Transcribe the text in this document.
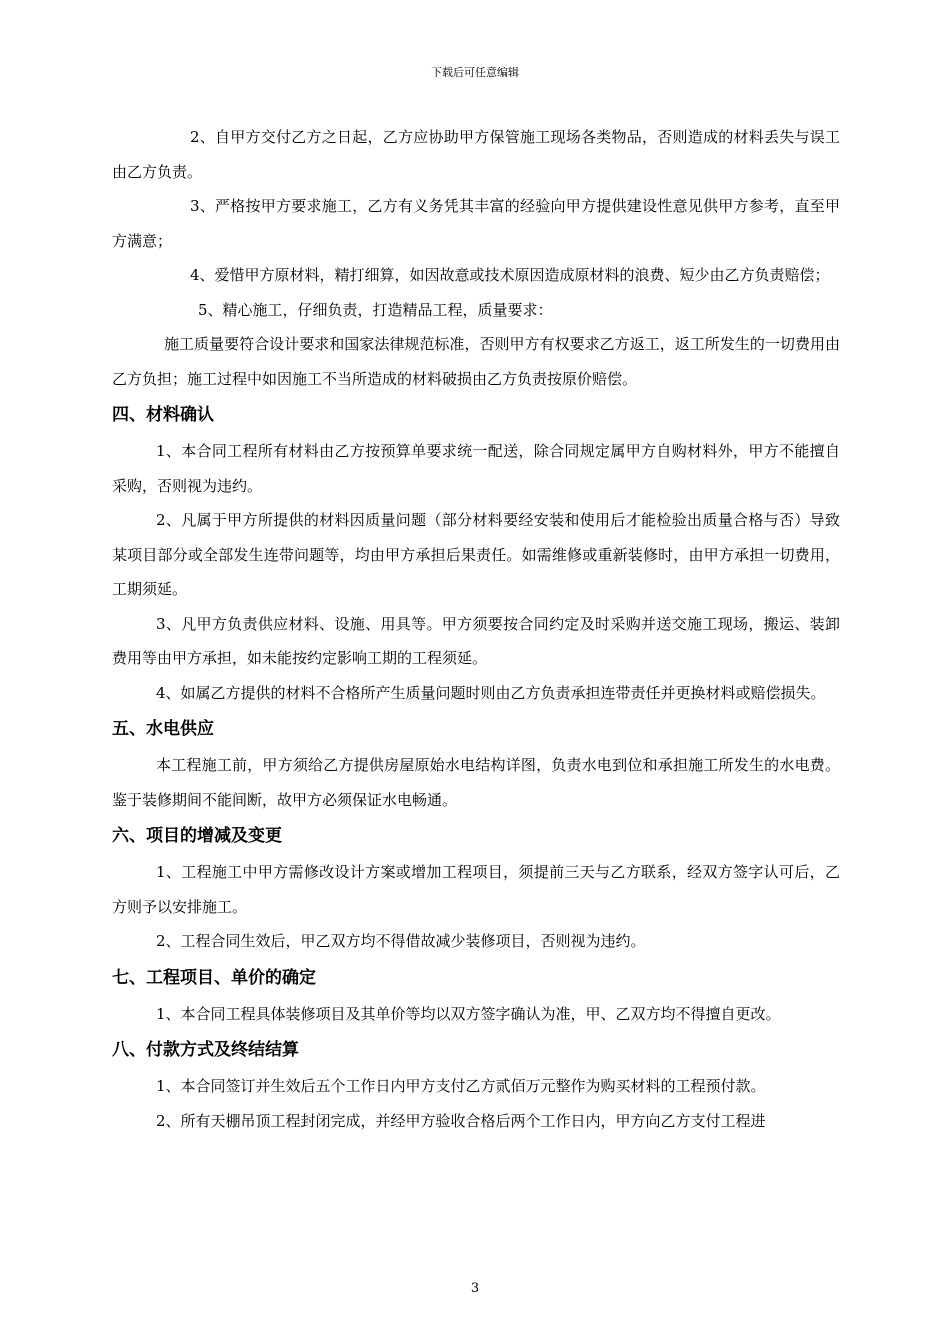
下载后可任意编辑

2、自甲方交付乙方之日起，乙方应协助甲方保管施工现场各类物品，否则造成的材料丢失与误工由乙方负责。

3、严格按甲方要求施工，乙方有义务凭其丰富的经验向甲方提供建设性意见供甲方参考，直至甲方满意；

4、爱惜甲方原材料，精打细算，如因故意或技术原因造成原材料的浪费、短少由乙方负责赔偿；

5、精心施工，仔细负责，打造精品工程，质量要求：

施工质量要符合设计要求和国家法律规范标准，否则甲方有权要求乙方返工，返工所发生的一切费用由乙方负担；施工过程中如因施工不当所造成的材料破损由乙方负责按原价赔偿。

四、材料确认

1、本合同工程所有材料由乙方按预算单要求统一配送，除合同规定属甲方自购材料外，甲方不能擅自采购，否则视为违约。

2、凡属于甲方所提供的材料因质量问题（部分材料要经安装和使用后才能检验出质量合格与否）导致某项目部分或全部发生连带问题等，均由甲方承担后果责任。如需维修或重新装修时，由甲方承担一切费用，工期须延。

3、凡甲方负责供应材料、设施、用具等。甲方须要按合同约定及时采购并送交施工现场，搬运、装卸费用等由甲方承担，如未能按约定影响工期的工程须延。

4、如属乙方提供的材料不合格所产生质量问题时则由乙方负责承担连带责任并更换材料或赔偿损失。

五、水电供应

本工程施工前，甲方须给乙方提供房屋原始水电结构详图，负责水电到位和承担施工所发生的水电费。鉴于装修期间不能间断，故甲方必须保证水电畅通。

六、项目的增减及变更

1、工程施工中甲方需修改设计方案或增加工程项目，须提前三天与乙方联系，经双方签字认可后，乙方则予以安排施工。

2、工程合同生效后，甲乙双方均不得借故减少装修项目，否则视为违约。

七、工程项目、单价的确定

1、本合同工程具体装修项目及其单价等均以双方签字确认为准，甲、乙双方均不得擅自更改。

八、付款方式及终结结算

1、本合同签订并生效后五个工作日内甲方支付乙方贰佰万元整作为购买材料的工程预付款。

2、所有天棚吊顶工程封闭完成，并经甲方验收合格后两个工作日内，甲方向乙方支付工程进

3
